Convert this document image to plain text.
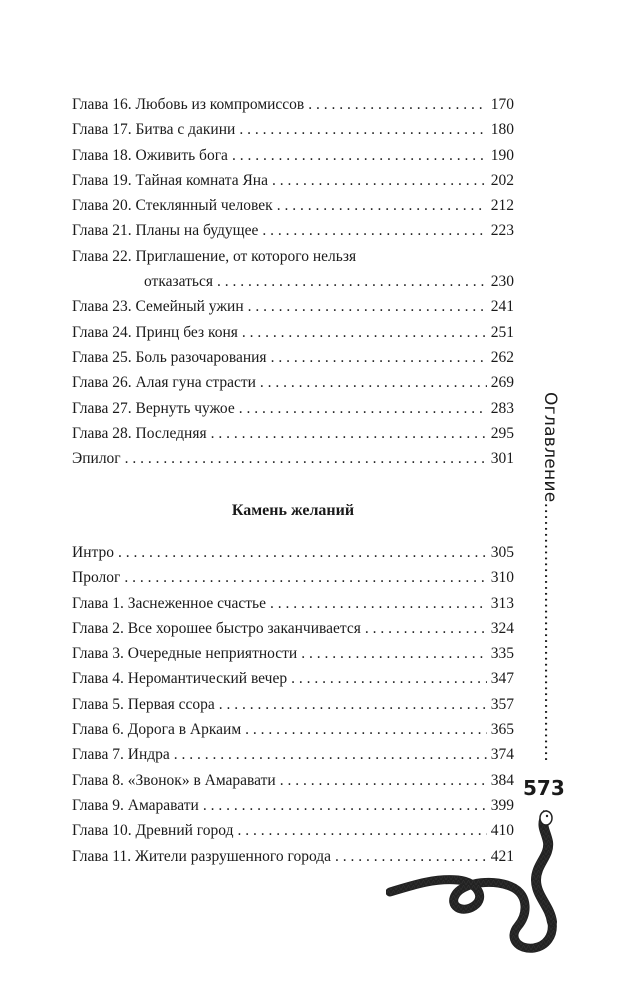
Глава 16. Любовь из компромиссов . . .	170
Глава 17. Битва с дакини . . .	180
Глава 18. Оживить бога . . .	190
Глава 19. Тайная комната Яна . . .	202
Глава 20. Стеклянный человек . . .	212
Глава 21. Планы на будущее . . .	223
Глава 22. Приглашение, от которого нельзя
отказаться . . .	230
Глава 23. Семейный ужин . . .	241
Глава 24. Принц без коня . . .	251
Глава 25. Боль разочарования . . .	262
Глава 26. Алая гуна страсти . . .	269
Глава 27. Вернуть чужое . . .	283
Глава 28. Последняя . . .	295
Эпилог . . .	301
Камень желаний
Интро . . .	305
Пролог . . .	310
Глава 1. Заснеженное счастье . . .	313
Глава 2. Все хорошее быстро заканчивается . . .	324
Глава 3. Очередные неприятности . . .	335
Глава 4. Неромантический вечер . . .	347
Глава 5. Первая ссора . . .	357
Глава 6. Дорога в Аркаим . . .	365
Глава 7. Индра . . .	374
Глава 8. «Звонок» в Амаравати . . .	384
Глава 9. Амаравати . . .	399
Глава 10. Древний город . . .	410
Глава 11. Жители разрушенного города . . .	421
Оглавление .....
573
